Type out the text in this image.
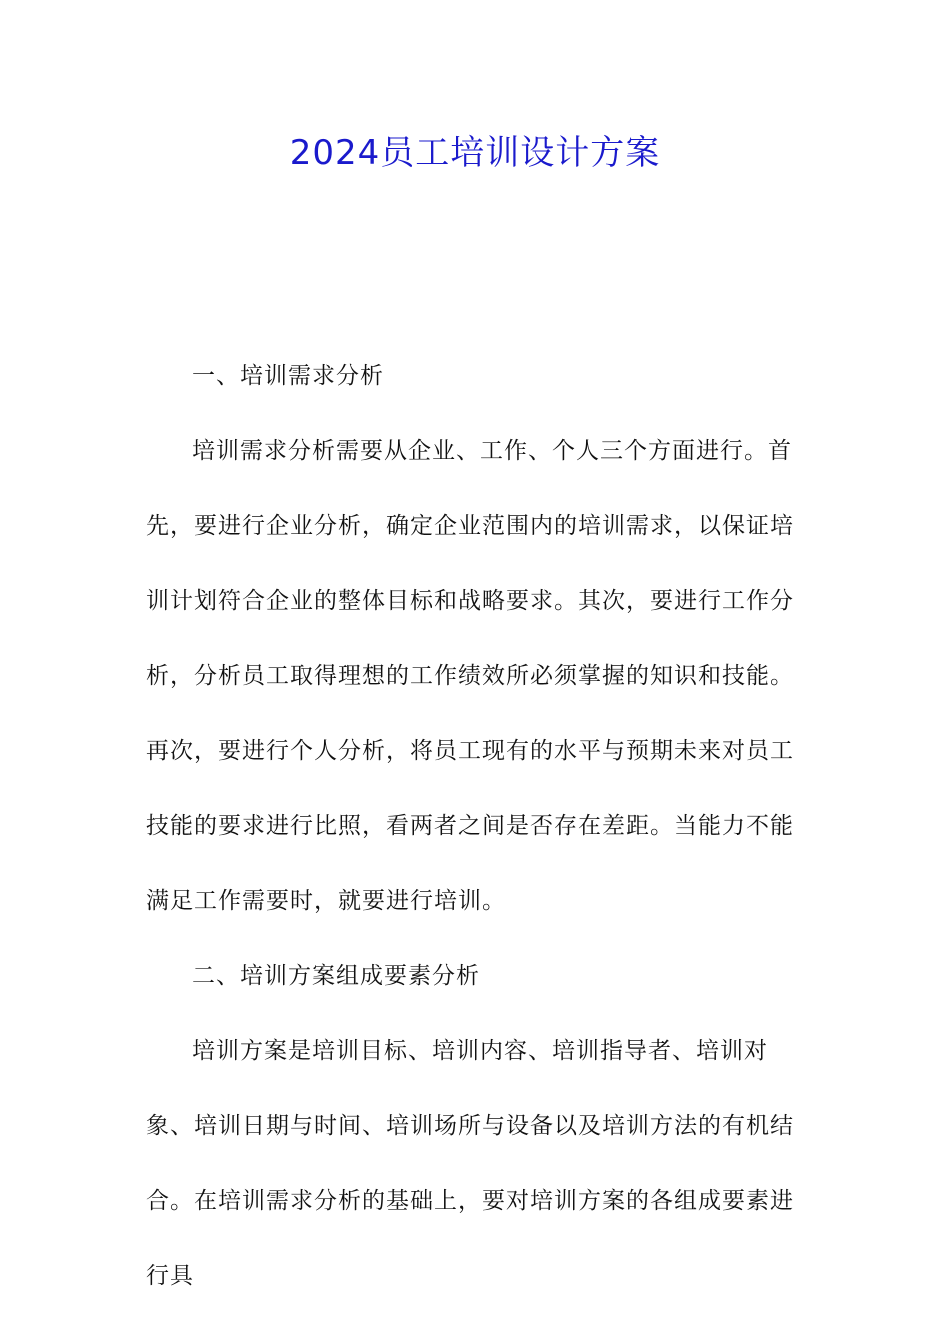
2024员工培训设计方案

一、培训需求分析

培训需求分析需要从企业、工作、个人三个方面进行。首先，要进行企业分析，确定企业范围内的培训需求，以保证培训计划符合企业的整体目标和战略要求。其次，要进行工作分析，分析员工取得理想的工作绩效所必须掌握的知识和技能。再次，要进行个人分析，将员工现有的水平与预期未来对员工技能的要求进行比照，看两者之间是否存在差距。当能力不能满足工作需要时，就要进行培训。

二、培训方案组成要素分析

培训方案是培训目标、培训内容、培训指导者、培训对象、培训日期与时间、培训场所与设备以及培训方法的有机结合。在培训需求分析的基础上，要对培训方案的各组成要素进行具
